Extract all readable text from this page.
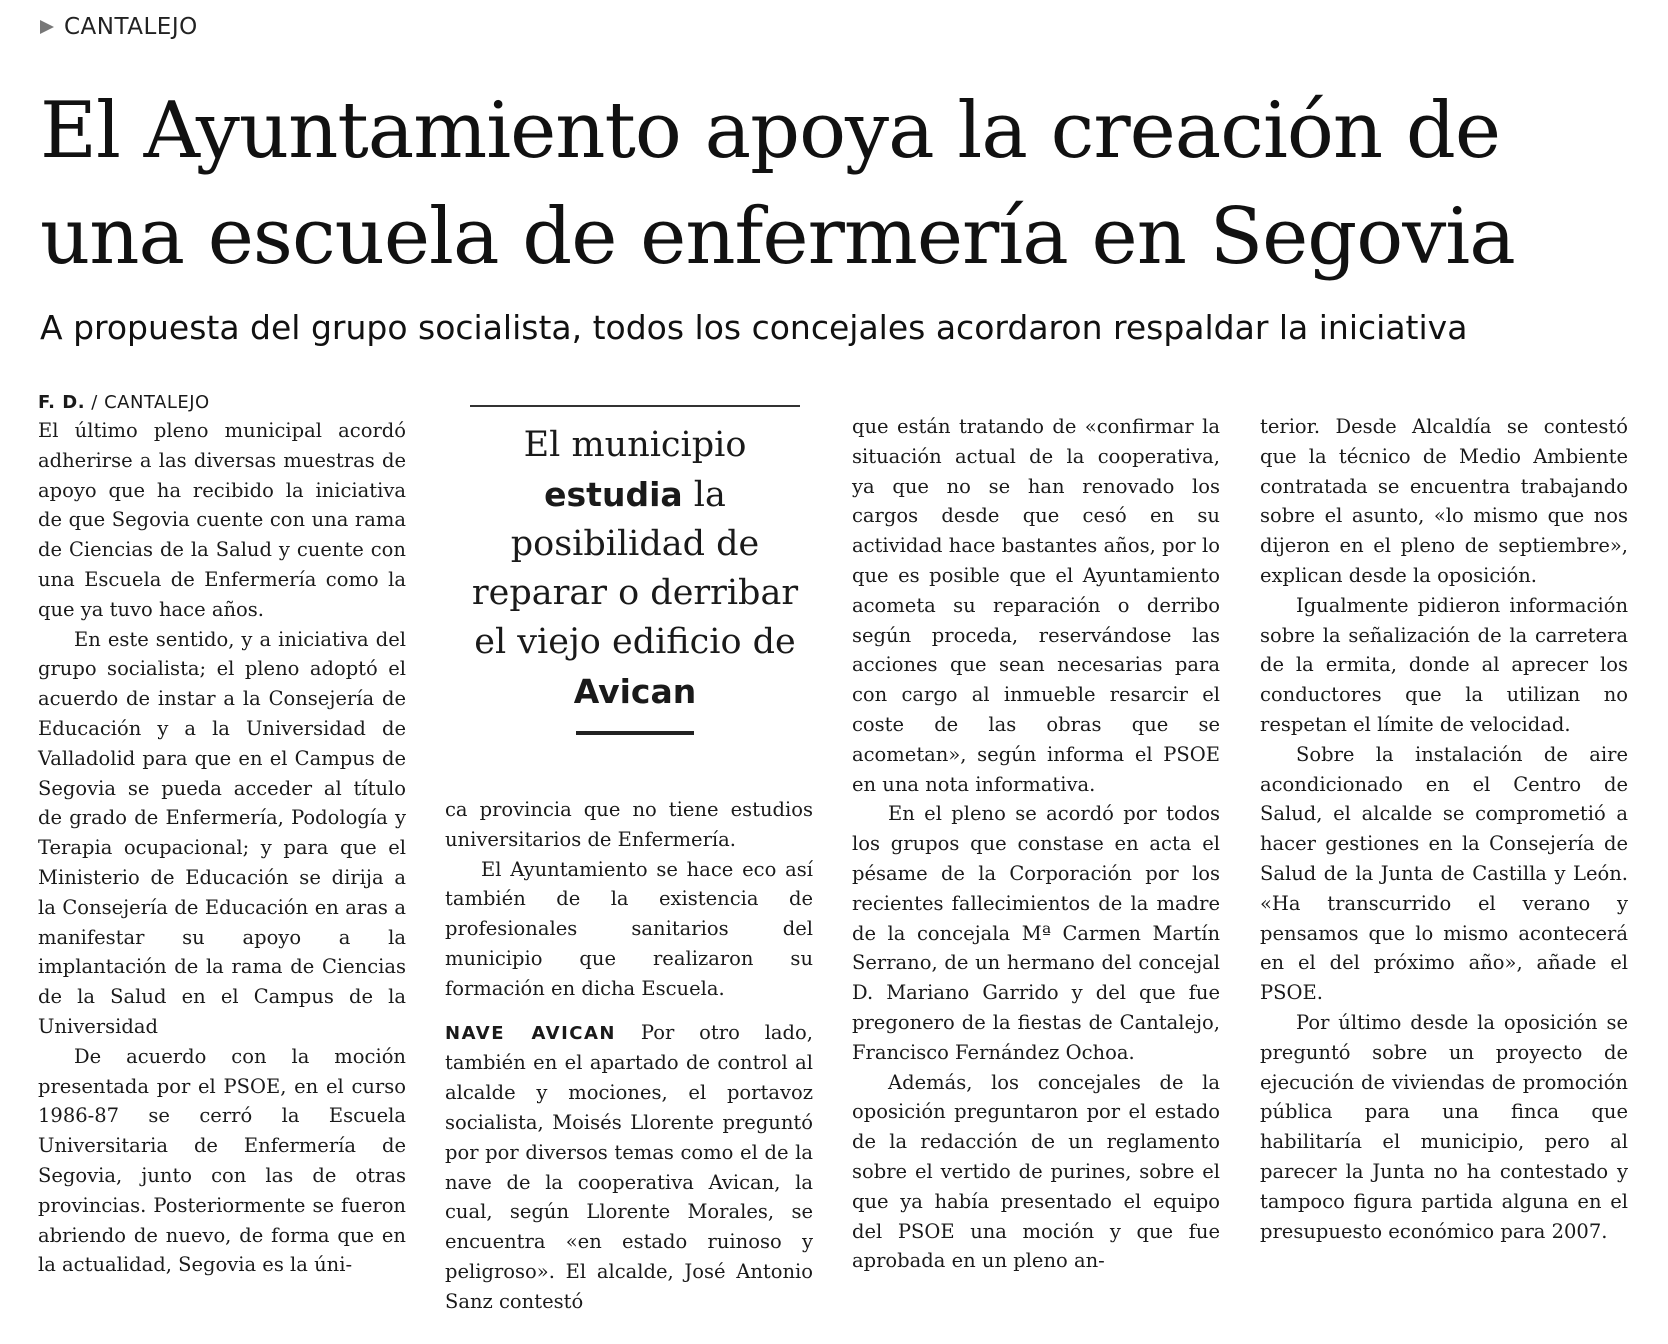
CANTALEJO
El Ayuntamiento apoya la creación de una escuela de enfermería en Segovia
A propuesta del grupo socialista, todos los concejales acordaron respaldar la iniciativa

F. D. / CANTALEJO

El último pleno municipal acordó adherirse a las diversas muestras de apoyo que ha recibido la iniciativa de que Segovia cuente con una rama de Ciencias de la Salud y cuente con una Escuela de Enfermería como la que ya tuvo hace años.

En este sentido, y a iniciativa del grupo socialista; el pleno adoptó el acuerdo de instar a la Consejería de Educación y a la Universidad de Valladolid para que en el Campus de Segovia se pueda acceder al título de grado de Enfermería, Podología y Terapia ocupacional; y para que el Ministerio de Educación se dirija a la Consejería de Educación en aras a manifestar su apoyo a la implantación de la rama de Ciencias de la Salud en el Campus de la Universidad

De acuerdo con la moción presentada por el PSOE, en el curso 1986-87 se cerró la Escuela Universitaria de Enfermería de Segovia, junto con las de otras provincias. Posteriormente se fueron abriendo de nuevo, de forma que en la actualidad, Segovia es la úni-

El municipio estudia la posibilidad de reparar o derribar el viejo edificio de Avican

ca provincia que no tiene estudios universitarios de Enfermería.

El Ayuntamiento se hace eco así también de la existencia de profesionales sanitarios del municipio que realizaron su formación en dicha Escuela.

NAVE AVICAN Por otro lado, también en el apartado de control al alcalde y mociones, el portavoz socialista, Moisés Llorente preguntó por por diversos temas como el de la nave de la cooperativa Avican, la cual, según Llorente Morales, se encuentra «en estado ruinoso y peligroso». El alcalde, José Antonio Sanz contestó

que están tratando de «confirmar la situación actual de la cooperativa, ya que no se han renovado los cargos desde que cesó en su actividad hace bastantes años, por lo que es posible que el Ayuntamiento acometa su reparación o derribo según proceda, reservándose las acciones que sean necesarias para con cargo al inmueble resarcir el coste de las obras que se acometan», según informa el PSOE en una nota informativa.

En el pleno se acordó por todos los grupos que constase en acta el pésame de la Corporación por los recientes fallecimientos de la madre de la concejala Mª Carmen Martín Serrano, de un hermano del concejal D. Mariano Garrido y del que fue pregonero de la fiestas de Cantalejo, Francisco Fernández Ochoa.

Además, los concejales de la oposición preguntaron por el estado de la redacción de un reglamento sobre el vertido de purines, sobre el que ya había presentado el equipo del PSOE una moción y que fue aprobada en un pleno an-

terior. Desde Alcaldía se contestó que la técnico de Medio Ambiente contratada se encuentra trabajando sobre el asunto, «lo mismo que nos dijeron en el pleno de septiembre», explican desde la oposición.

Igualmente pidieron información sobre la señalización de la carretera de la ermita, donde al aprecer los conductores que la utilizan no respetan el límite de velocidad.

Sobre la instalación de aire acondicionado en el Centro de Salud, el alcalde se comprometió a hacer gestiones en la Consejería de Salud de la Junta de Castilla y León. «Ha transcurrido el verano y pensamos que lo mismo acontecerá en el del próximo año», añade el PSOE.

Por último desde la oposición se preguntó sobre un proyecto de ejecución de viviendas de promoción pública para una finca que habilitaría el municipio, pero al parecer la Junta no ha contestado y tampoco figura partida alguna en el presupuesto económico para 2007.
